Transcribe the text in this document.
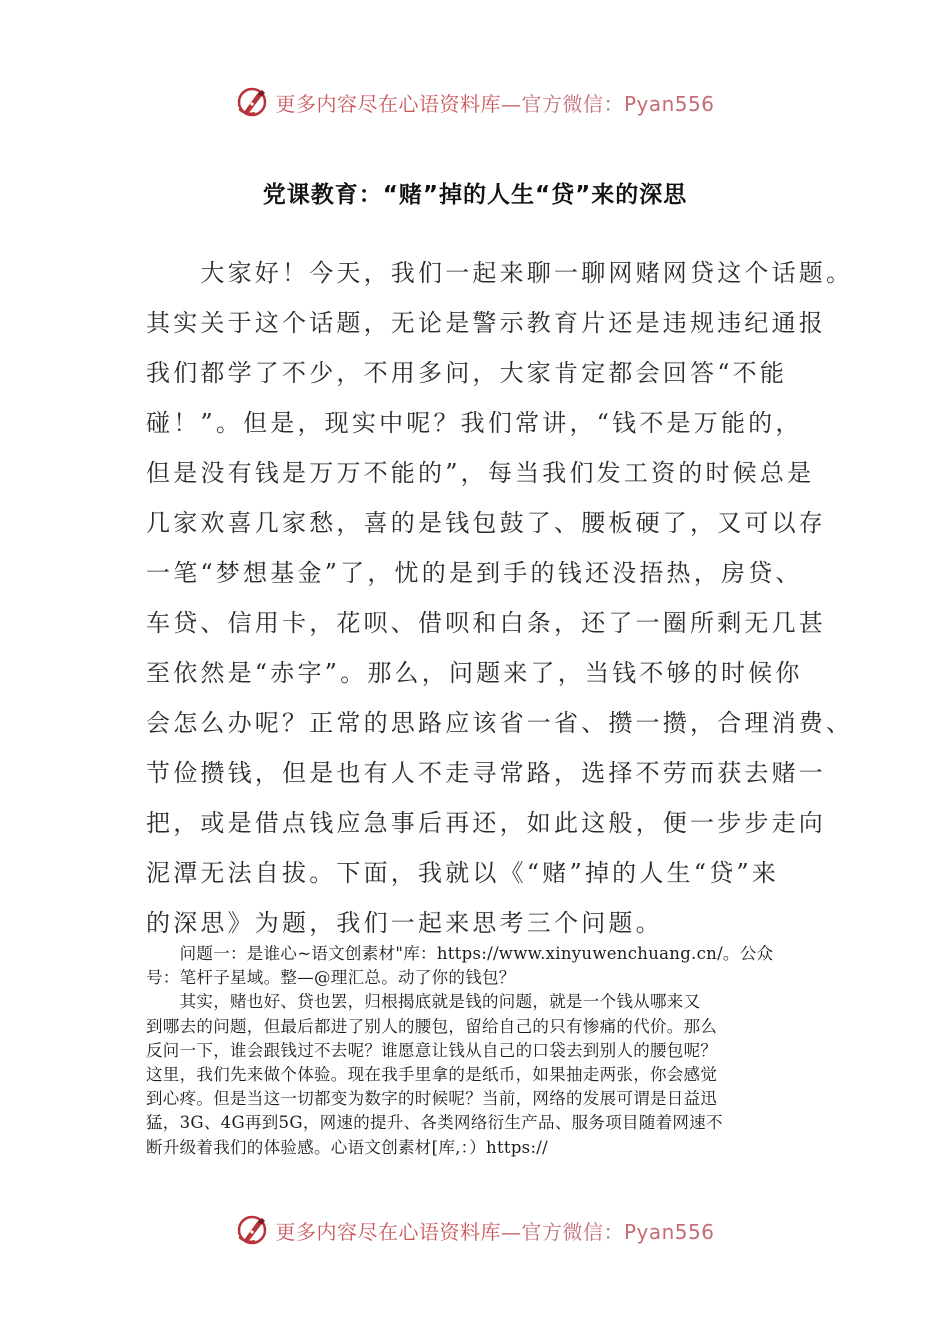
更多内容尽在心语资料库—官方微信：Pyan556
党课教育：“赌”掉的人生“贷”来的深思
　　大家好！今天，我们一起来聊一聊网赌网贷这个话题。
其实关于这个话题，无论是警示教育片还是违规违纪通报
我们都学了不少，不用多问，大家肯定都会回答“不能
碰！”。但是，现实中呢？我们常讲，“钱不是万能的，
但是没有钱是万万不能的”，每当我们发工资的时候总是
几家欢喜几家愁，喜的是钱包鼓了、腰板硬了，又可以存
一笔“梦想基金”了，忧的是到手的钱还没捂热，房贷、
车贷、信用卡，花呗、借呗和白条，还了一圈所剩无几甚
至依然是“赤字”。那么，问题来了，当钱不够的时候你
会怎么办呢？正常的思路应该省一省、攒一攒，合理消费、
节俭攒钱，但是也有人不走寻常路，选择不劳而获去赌一
把，或是借点钱应急事后再还，如此这般，便一步步走向
泥潭无法自拔。下面，我就以《“赌”掉的人生“贷”来
的深思》为题，我们一起来思考三个问题。
　　问题一：是谁心~语文创素材"库：https://www.xinyuwenchuang.cn/。公众
号：笔杆子星域。整—@理汇总。动了你的钱包？
　　其实，赌也好、贷也罢，归根揭底就是钱的问题，就是一个钱从哪来又
到哪去的问题，但最后都进了别人的腰包，留给自己的只有惨痛的代价。那么
反问一下，谁会跟钱过不去呢？谁愿意让钱从自己的口袋去到别人的腰包呢？
这里，我们先来做个体验。现在我手里拿的是纸币，如果抽走两张，你会感觉
到心疼。但是当这一切都变为数字的时候呢？当前，网络的发展可谓是日益迅
猛，3G、4G再到5G，网速的提升、各类网络衍生产品、服务项目随着网速不
断升级着我们的体验感。心语文创素材[库,：）https://
更多内容尽在心语资料库—官方微信：Pyan556
